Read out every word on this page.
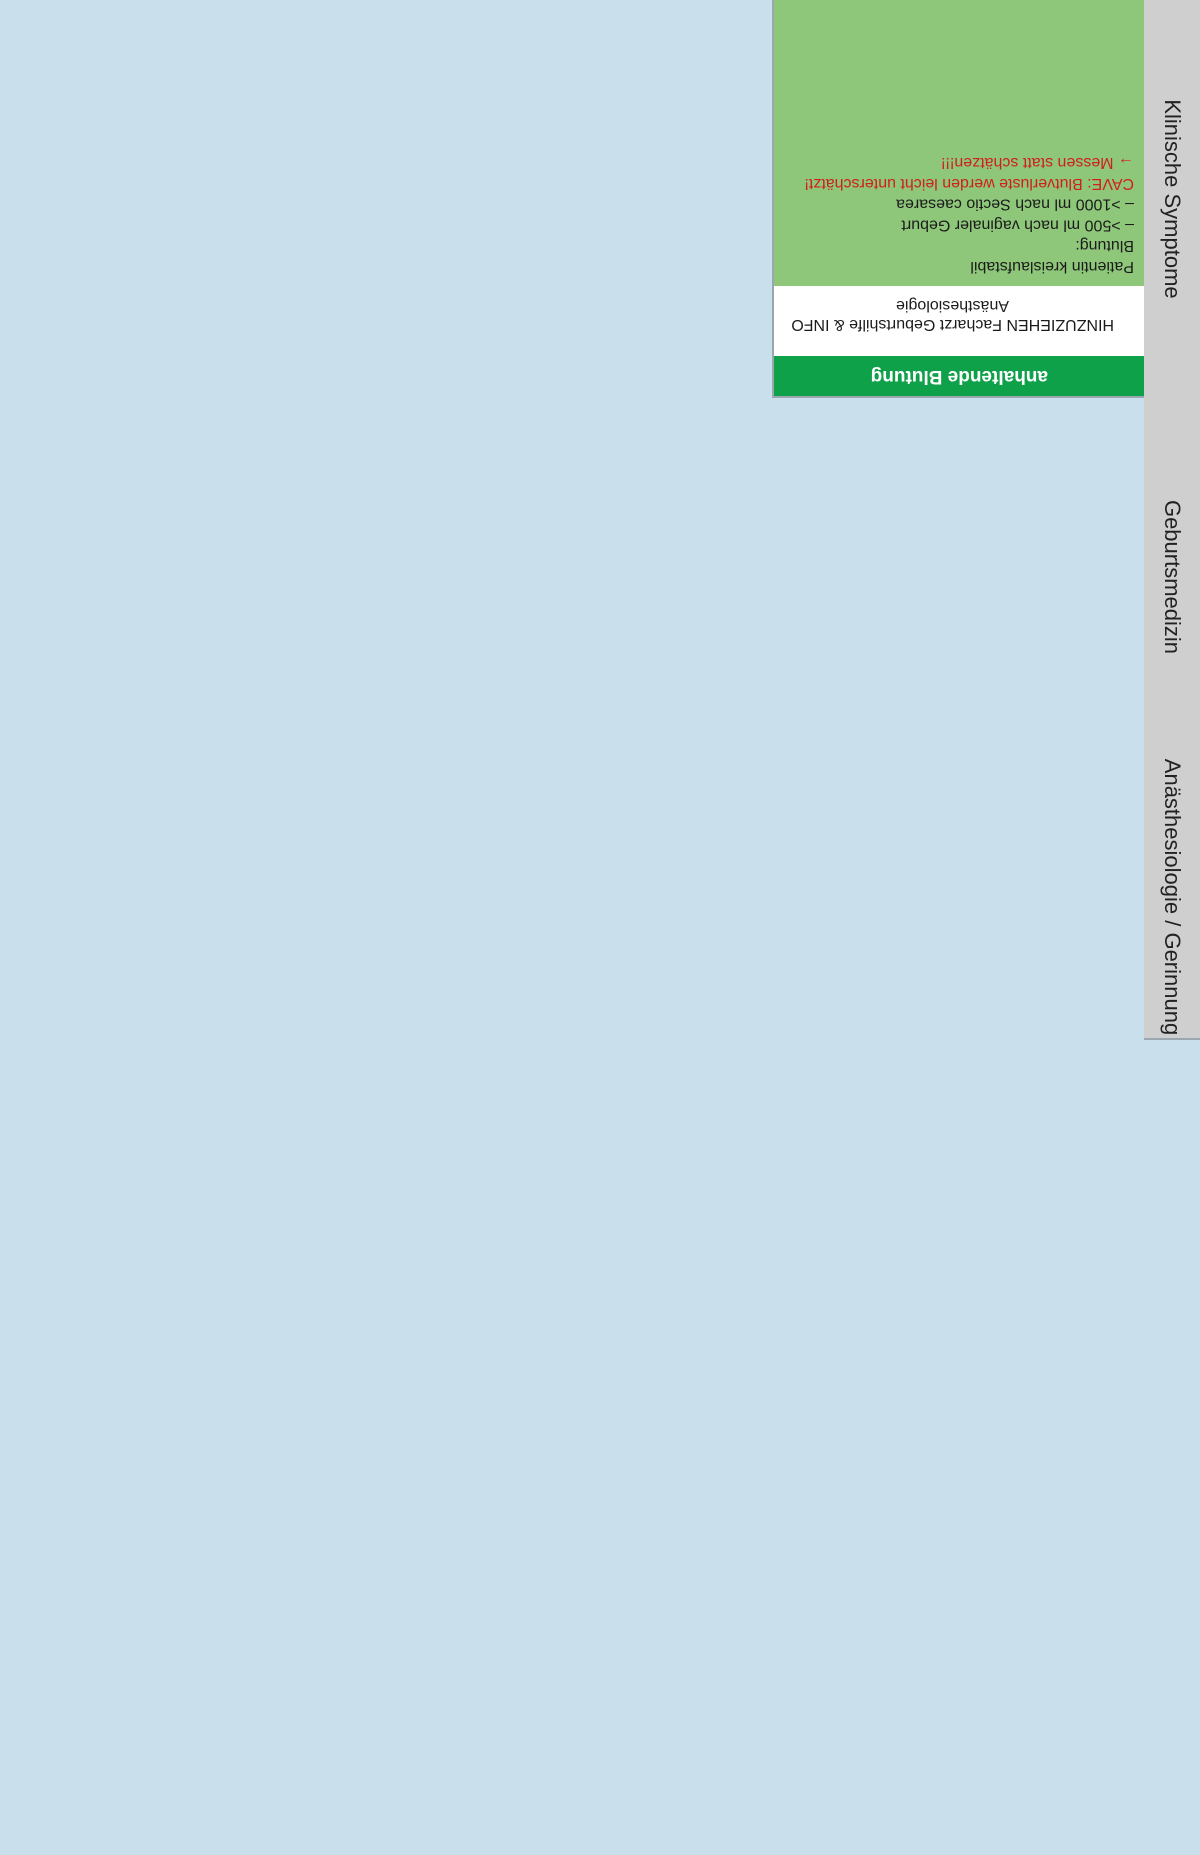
Klinische Symptome
Geburtsmedizin
Anästhesiologie / Gerinnung
anhaltende Blutung
HINZUZIEHEN Facharzt Geburtshilfe & INFO Anästhesiologie
Patientin kreislaufstabil
Blutung:
– >500 ml nach vaginaler Geburt
– >1000 ml nach Sectio caesarea
CAVE: Blutverluste werden leicht unterschätzt! → Messen statt schätzen!!!
